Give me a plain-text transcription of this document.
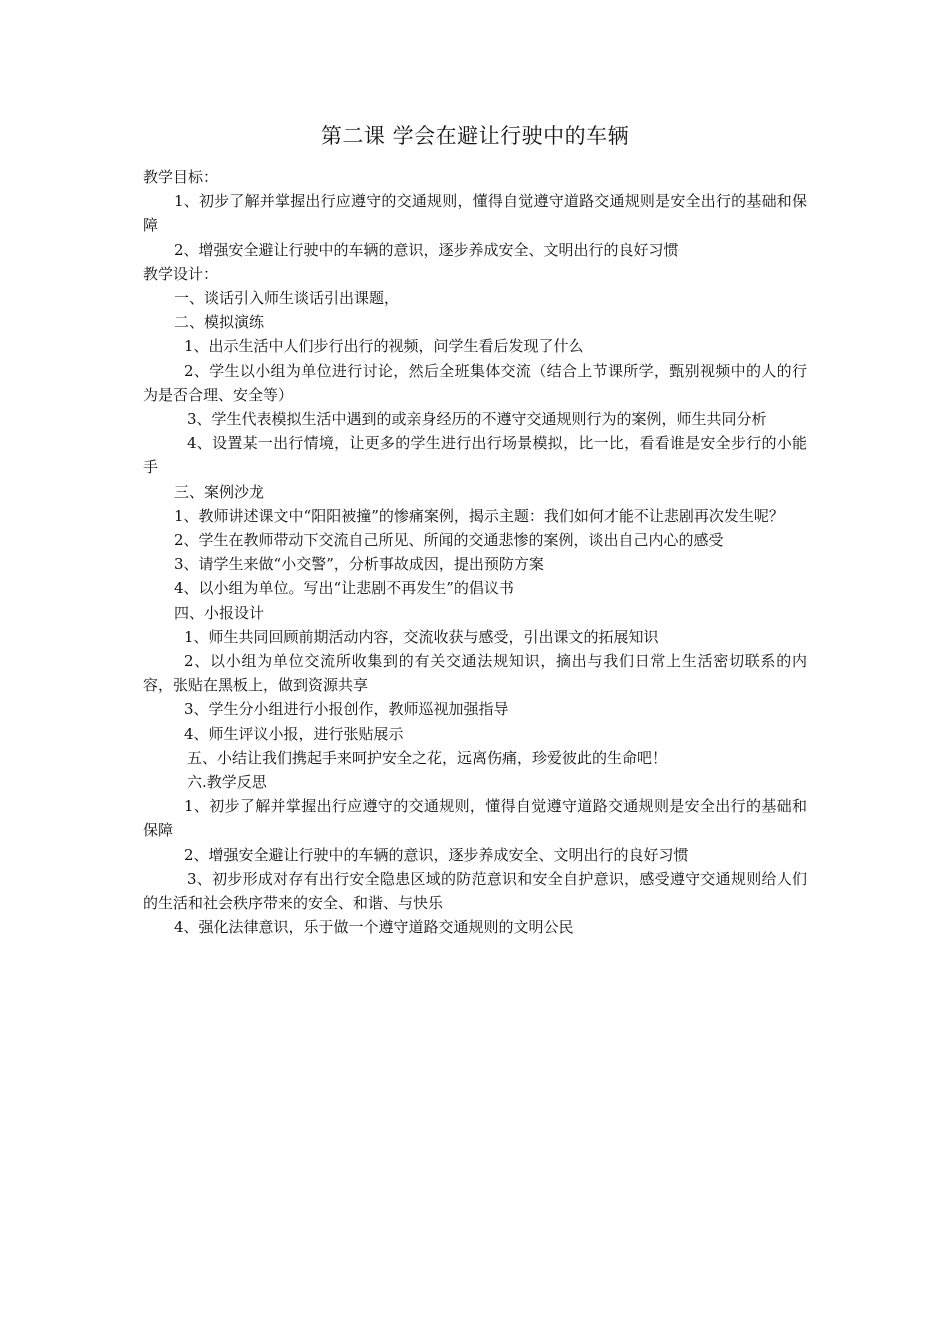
第二课 学会在避让行驶中的车辆
教学目标：
1、初步了解并掌握出行应遵守的交通规则，懂得自觉遵守道路交通规则是安全出行的基础和保障
2、增强安全避让行驶中的车辆的意识，逐步养成安全、文明出行的良好习惯
教学设计：
一、谈话引入师生谈话引出课题，
二、模拟演练
1、出示生活中人们步行出行的视频，问学生看后发现了什么
2、学生以小组为单位进行讨论，然后全班集体交流（结合上节课所学，甄别视频中的人的行为是否合理、安全等）
3、学生代表模拟生活中遇到的或亲身经历的不遵守交通规则行为的案例，师生共同分析
4、设置某一出行情境，让更多的学生进行出行场景模拟，比一比，看看谁是安全步行的小能手
三、案例沙龙
1、教师讲述课文中“阳阳被撞”的惨痛案例，揭示主题：我们如何才能不让悲剧再次发生呢？
2、学生在教师带动下交流自己所见、所闻的交通悲惨的案例，谈出自己内心的感受
3、请学生来做“小交警”，分析事故成因，提出预防方案
4、以小组为单位。写出“让悲剧不再发生”的倡议书
四、小报设计
1、师生共同回顾前期活动内容，交流收获与感受，引出课文的拓展知识
2、以小组为单位交流所收集到的有关交通法规知识，摘出与我们日常上生活密切联系的内容，张贴在黑板上，做到资源共享
3、学生分小组进行小报创作，教师巡视加强指导
4、师生评议小报，进行张贴展示
五、小结让我们携起手来呵护安全之花，远离伤痛，珍爱彼此的生命吧！
六.教学反思
1、初步了解并掌握出行应遵守的交通规则，懂得自觉遵守道路交通规则是安全出行的基础和保障
2、增强安全避让行驶中的车辆的意识，逐步养成安全、文明出行的良好习惯
3、初步形成对存有出行安全隐患区域的防范意识和安全自护意识，感受遵守交通规则给人们的生活和社会秩序带来的安全、和谐、与快乐
4、强化法律意识，乐于做一个遵守道路交通规则的文明公民
